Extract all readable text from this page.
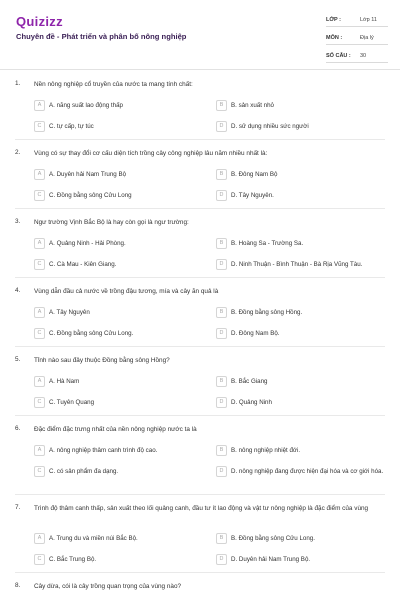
Quizizz
Chuyên đề - Phát triển và phân bố nông nghiệp
LỚP :	Lớp 11
MÔN :	Địa lý
SỐ CÂU :	30
1. Nền nông nghiệp cổ truyền của nước ta mang tính chất:
A	A. năng suất lao động thấp	B	B. sản xuất nhỏ
C	C. tự cấp, tự túc	D	D. sử dụng nhiều sức người
2. Vùng có sự thay đổi cơ cấu diện tích trồng cây công nghiệp lâu năm nhiều nhất là:
A	A. Duyên hải Nam Trung Bộ	B	B. Đông Nam Bộ
C	C. Đồng bằng sông Cửu Long	D	D. Tây Nguyên.
3. Ngư trường Vịnh Bắc Bộ là hay còn gọi là ngư trường:
A	A. Quảng Ninh - Hải Phòng.	B	B. Hoàng Sa - Trường Sa.
C	C. Cà Mau - Kiên Giang.	D	D. Ninh Thuận - Bình Thuận - Bà Rịa Vũng Tàu.
4. Vùng dẫn đầu cả nước về trồng đậu tương, mía và cây ăn quả là
A	A. Tây Nguyên	B	B. Đồng bằng sông Hồng.
C	C. Đồng bằng sông Cửu Long.	D	D. Đông Nam Bộ.
5. Tỉnh nào sau đây thuộc Đồng bằng sông Hồng?
A	A. Hà Nam	B	B. Bắc Giang
C	C. Tuyên Quang	D	D. Quảng Ninh
6. Đặc điểm đặc trưng nhất của nền nông nghiệp nước ta là
A	A. nông nghiệp thâm canh trình độ cao.	B	B. nông nghiệp nhiệt đới.
C	C. có sản phẩm đa dạng.	D	D. nông nghiệp đang được hiện đại hóa và cơ giới hóa.
7. Trình độ thâm canh thấp, sản xuất theo lối quảng canh, đầu tư ít lao động và vật tư nông nghiệp là đặc điểm của vùng
A	A. Trung du và miền núi Bắc Bộ.	B	B. Đồng bằng sông Cửu Long.
C	C. Bắc Trung Bộ.	D	D. Duyên hải Nam Trung Bộ.
8. Cây dừa, cói là cây trồng quan trọng của vùng nào?
